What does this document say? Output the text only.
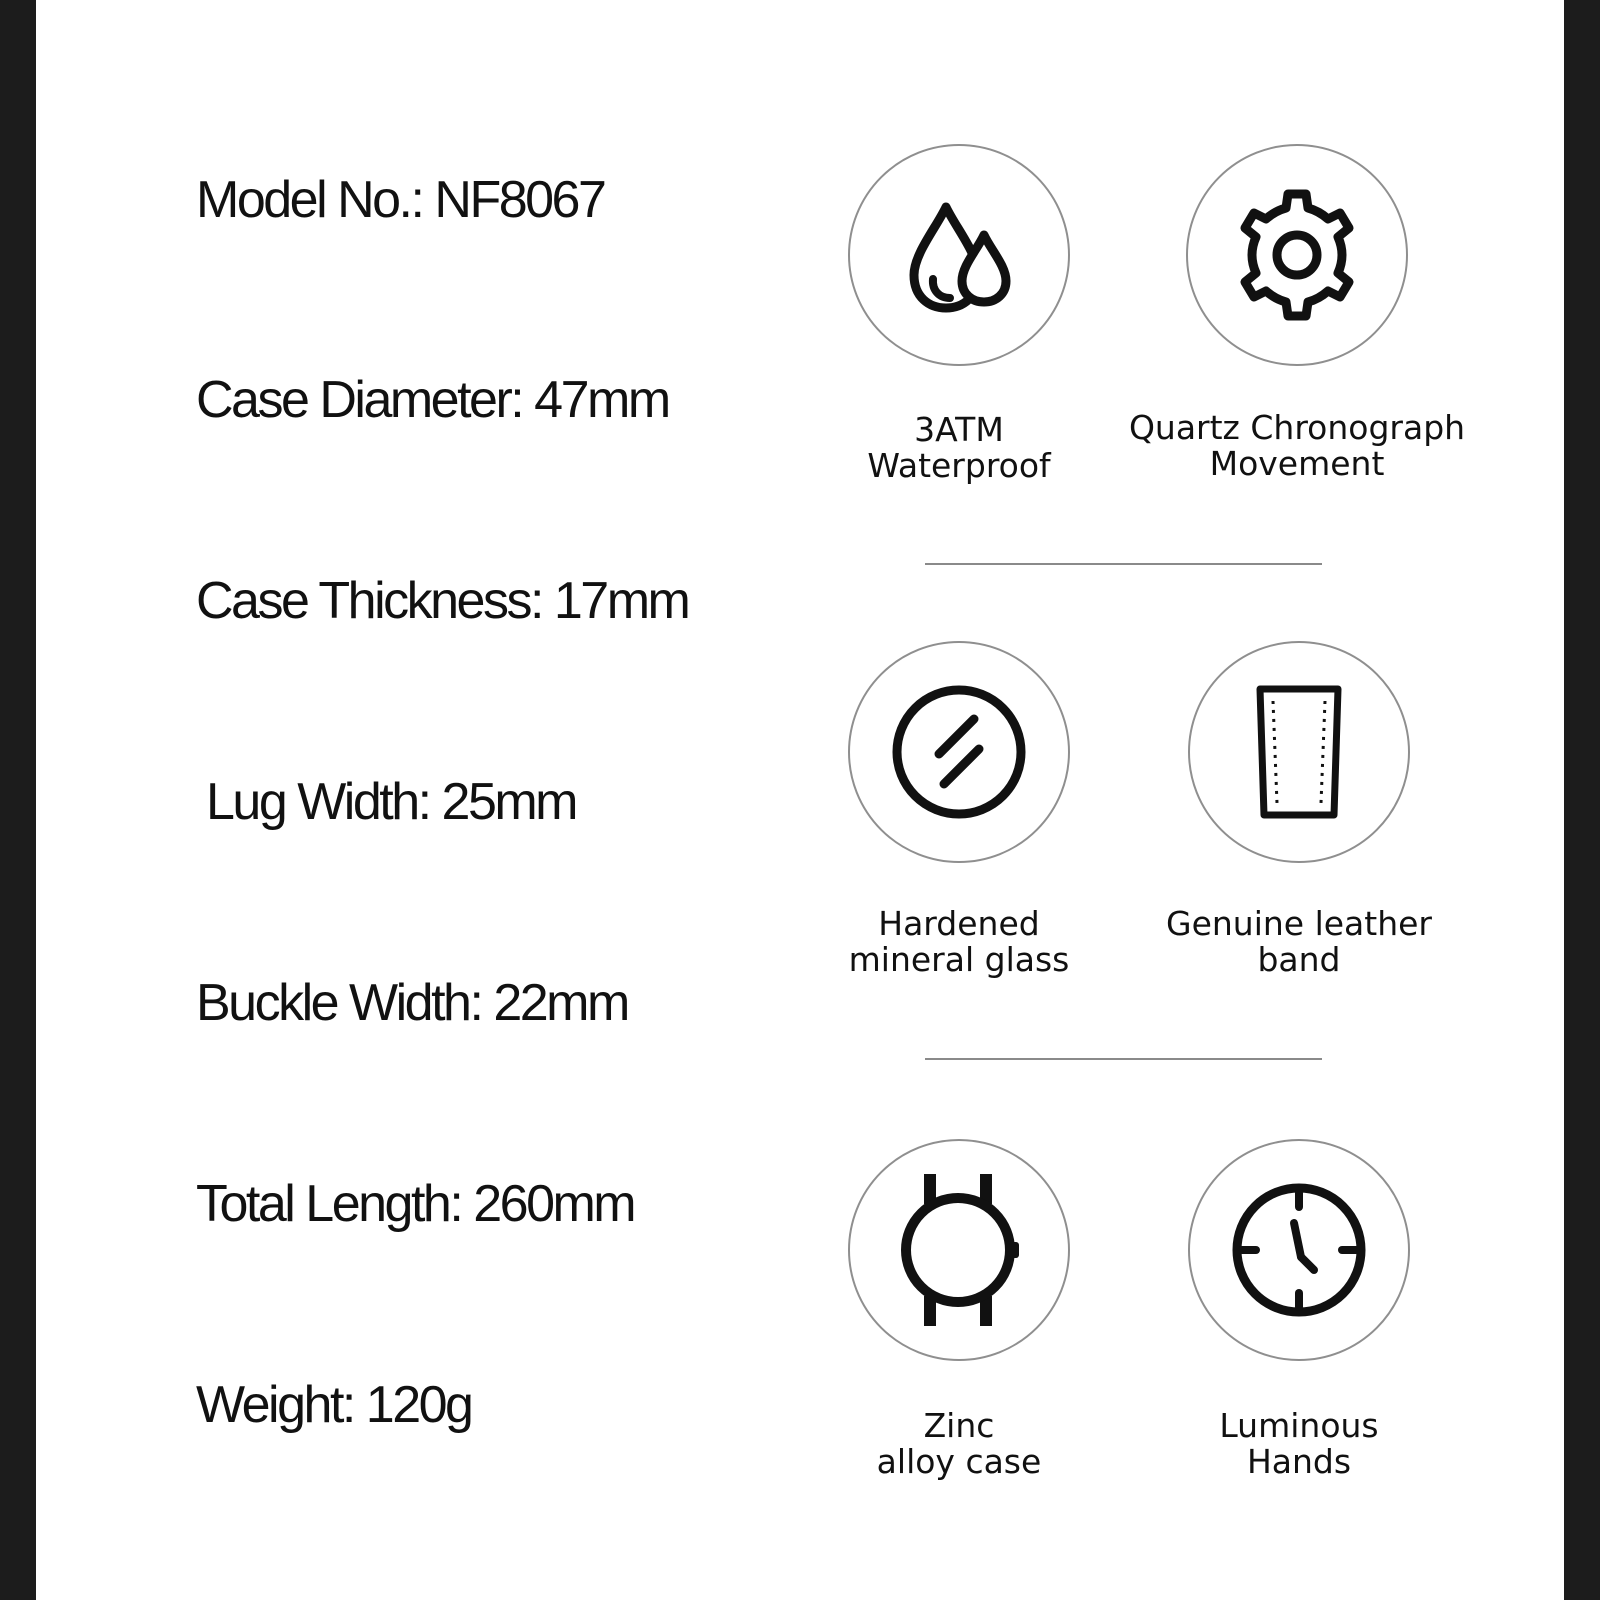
Model No.: NF8067

Case Diameter: 47mm

Case Thickness: 17mm

Lug Width: 25mm

Buckle Width: 22mm

Total Length: 260mm

Weight: 120g

3ATM
Waterproof

Quartz Chronograph
Movement

Hardened
mineral glass

Genuine leather
band

Zinc
alloy case

Luminous
Hands
